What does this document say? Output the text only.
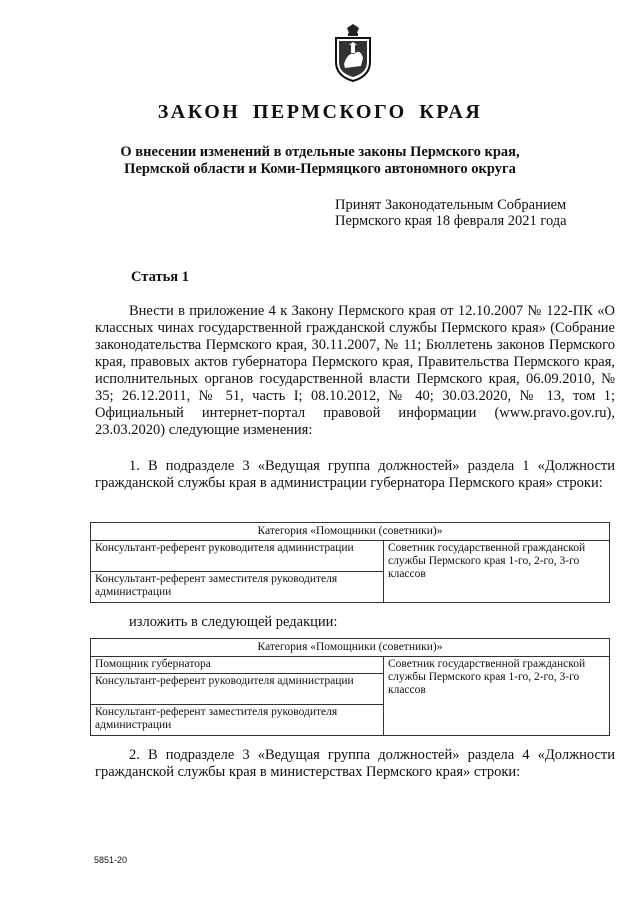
ЗАКОН ПЕРМСКОГО КРАЯ
О внесении изменений в отдельные законы Пермского края,
Пермской области и Коми-Пермяцкого автономного округа
Принят Законодательным Собранием
Пермского края 18 февраля 2021 года
Статья 1
Внести в приложение 4 к Закону Пермского края от 12.10.2007 № 122-ПК «О классных чинах государственной гражданской службы Пермского края» (Собрание законодательства Пермского края, 30.11.2007, № 11; Бюллетень законов Пермского края, правовых актов губернатора Пермского края, Правительства Пермского края, исполнительных органов государственной власти Пермского края, 06.09.2010, № 35; 26.12.2011, № 51, часть I; 08.10.2012, № 40; 30.03.2020, № 13, том 1; Официальный интернет-портал правовой информации (www.pravo.gov.ru), 23.03.2020) следующие изменения:
1. В подразделе 3 «Ведущая группа должностей» раздела 1 «Должности гражданской службы края в администрации губернатора Пермского края» строки:
Категория «Помощники (советники)»
Консультант-референт руководителя администрации	Советник государственной гражданской службы Пермского края 1-го, 2-го, 3-го классов
Консультант-референт заместителя руководителя администрации
изложить в следующей редакции:
Категория «Помощники (советники)»
Помощник губернатора	Советник государственной гражданской службы Пермского края 1-го, 2-го, 3-го классов
Консультант-референт руководителя администрации
Консультант-референт заместителя руководителя администрации
2. В подразделе 3 «Ведущая группа должностей» раздела 4 «Должности гражданской службы края в министерствах Пермского края» строки:
5851-20
